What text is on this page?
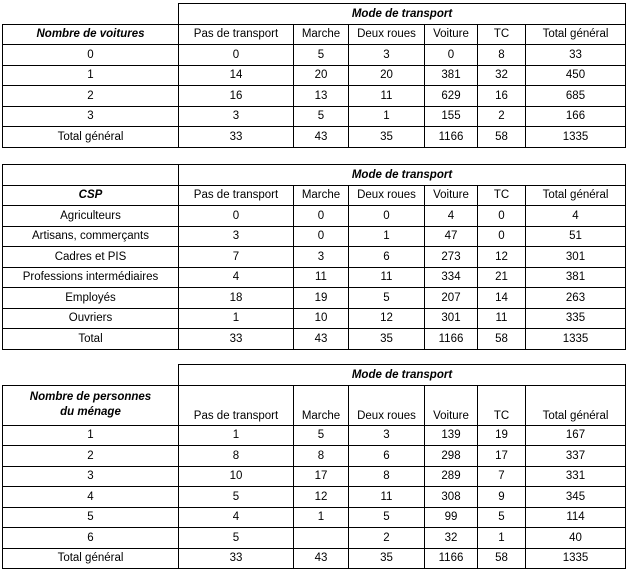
	Mode de transport					
Nombre de voitures	Pas de transport	Marche	Deux roues	Voiture	TC	Total général
0	0	5	3	0	8	33
1	14	20	20	381	32	450
2	16	13	11	629	16	685
3	3	5	1	155	2	166
Total général	33	43	35	1166	58	1335
	Mode de transport					
CSP	Pas de transport	Marche	Deux roues	Voiture	TC	Total général
Agriculteurs	0	0	0	4	0	4
Artisans, commerçants	3	0	1	47	0	51
Cadres et PIS	7	3	6	273	12	301
Professions intermédiaires	4	11	11	334	21	381
Employés	18	19	5	207	14	263
Ouvriers	1	10	12	301	11	335
Total	33	43	35	1166	58	1335
	Mode de transport					
Nombre de personnes
du ménage	Pas de transport	Marche	Deux roues	Voiture	TC	Total général
1	1	5	3	139	19	167
2	8	8	6	298	17	337
3	10	17	8	289	7	331
4	5	12	11	308	9	345
5	4	1	5	99	5	114
6	5		2	32	1	40
Total général	33	43	35	1166	58	1335
